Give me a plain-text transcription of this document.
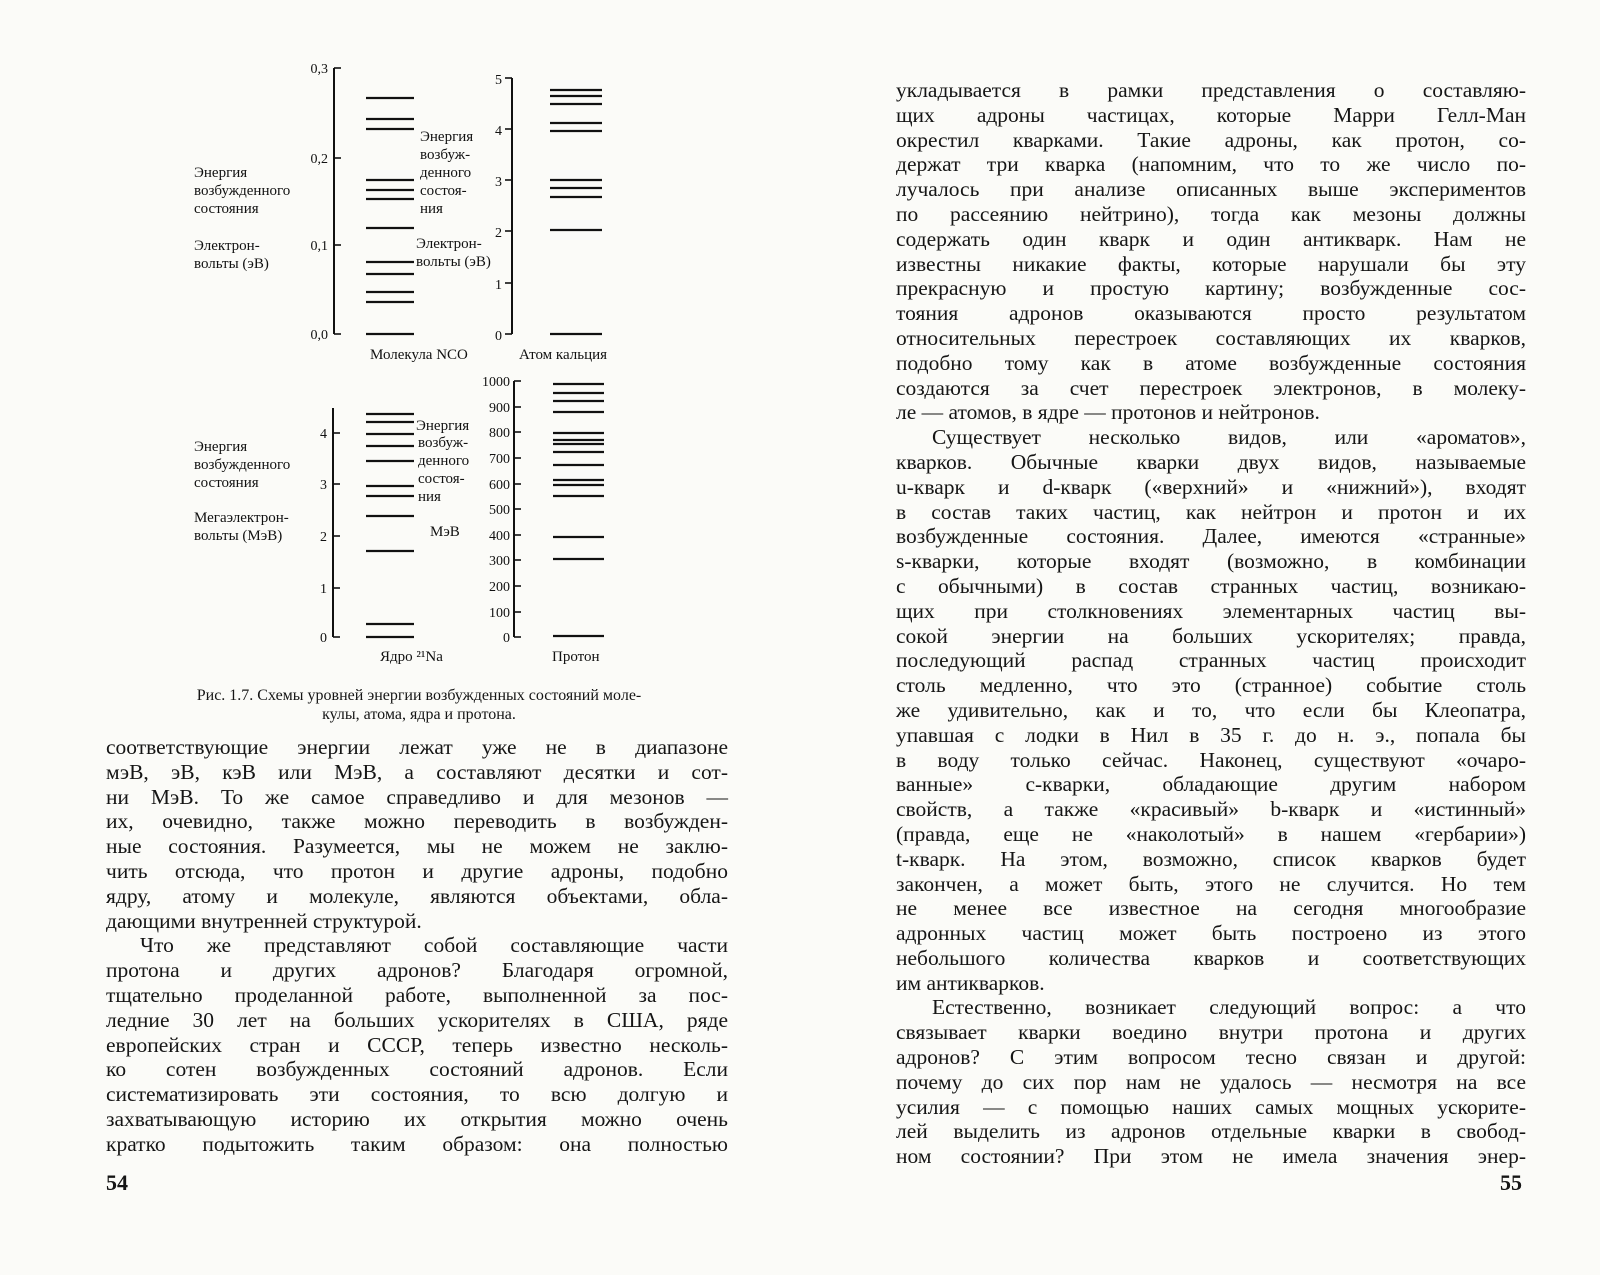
0,3
0,2
0,1
0,0
Энергия
возбужденного
состояния
Электрон-
вольты (эВ)
Молекула NCO
5
4
3
2
1
0
Энергия
возбуж-
денного
состоя-
ния
Электрон-
вольты (эВ)
Атом кальция
4
3
2
1
0
Энергия
возбужденного
состояния
Мегаэлектрон-
вольты (МэВ)
Ядро ²¹Na
1000
900
800
700
600
500
400
300
200
100
0
Энергия
возбуж-
денного
состоя-
ния
МэВ
Протон
Рис. 1.7. Схемы уровней энергии возбужденных состояний моле-
кулы, атома, ядра и протона.
соответствующие энергии лежат уже не в диапазоне
мэВ, эВ, кэВ или МэВ, а составляют десятки и сот-
ни МэВ. То же самое справедливо и для мезонов —
их, очевидно, также можно переводить в возбужден-
ные состояния. Разумеется, мы не можем не заклю-
чить отсюда, что протон и другие адроны, подобно
ядру, атому и молекуле, являются объектами, обла-
дающими внутренней структурой.
Что же представляют собой составляющие части
протона и других адронов? Благодаря огромной,
тщательно проделанной работе, выполненной за пос-
ледние 30 лет на больших ускорителях в США, ряде
европейских стран и СССР, теперь известно несколь-
ко сотен возбужденных состояний адронов. Если
систематизировать эти состояния, то всю долгую и
захватывающую историю их открытия можно очень
кратко подытожить таким образом: она полностью
54
укладывается в рамки представления о составляю-
щих адроны частицах, которые Марри Гелл-Ман
окрестил кварками. Такие адроны, как протон, со-
держат три кварка (напомним, что то же число по-
лучалось при анализе описанных выше экспериментов
по рассеянию нейтрино), тогда как мезоны должны
содержать один кварк и один антикварк. Нам не
известны никакие факты, которые нарушали бы эту
прекрасную и простую картину; возбужденные сос-
тояния адронов оказываются просто результатом
относительных перестроек составляющих их кварков,
подобно тому как в атоме возбужденные состояния
создаются за счет перестроек электронов, в молеку-
ле — атомов, в ядре — протонов и нейтронов.
Существует несколько видов, или «ароматов»,
кварков. Обычные кварки двух видов, называемые
u-кварк и d-кварк («верхний» и «нижний»), входят
в состав таких частиц, как нейтрон и протон и их
возбужденные состояния. Далее, имеются «странные»
s-кварки, которые входят (возможно, в комбинации
с обычными) в состав странных частиц, возникаю-
щих при столкновениях элементарных частиц вы-
сокой энергии на больших ускорителях; правда,
последующий распад странных частиц происходит
столь медленно, что это (странное) событие столь
же удивительно, как и то, что если бы Клеопатра,
упавшая с лодки в Нил в 35 г. до н. э., попала бы
в воду только сейчас. Наконец, существуют «очаро-
ванные» c-кварки, обладающие другим набором
свойств, а также «красивый» b-кварк и «истинный»
(правда, еще не «наколотый» в нашем «гербарии»)
t-кварк. На этом, возможно, список кварков будет
закончен, а может быть, этого не случится. Но тем
не менее все известное на сегодня многообразие
адронных частиц может быть построено из этого
небольшого количества кварков и соответствующих
им антикварков.
Естественно, возникает следующий вопрос: а что
связывает кварки воедино внутри протона и других
адронов? С этим вопросом тесно связан и другой:
почему до сих пор нам не удалось — несмотря на все
усилия — с помощью наших самых мощных ускорите-
лей выделить из адронов отдельные кварки в свобод-
ном состоянии? При этом не имела значения энер-
55
